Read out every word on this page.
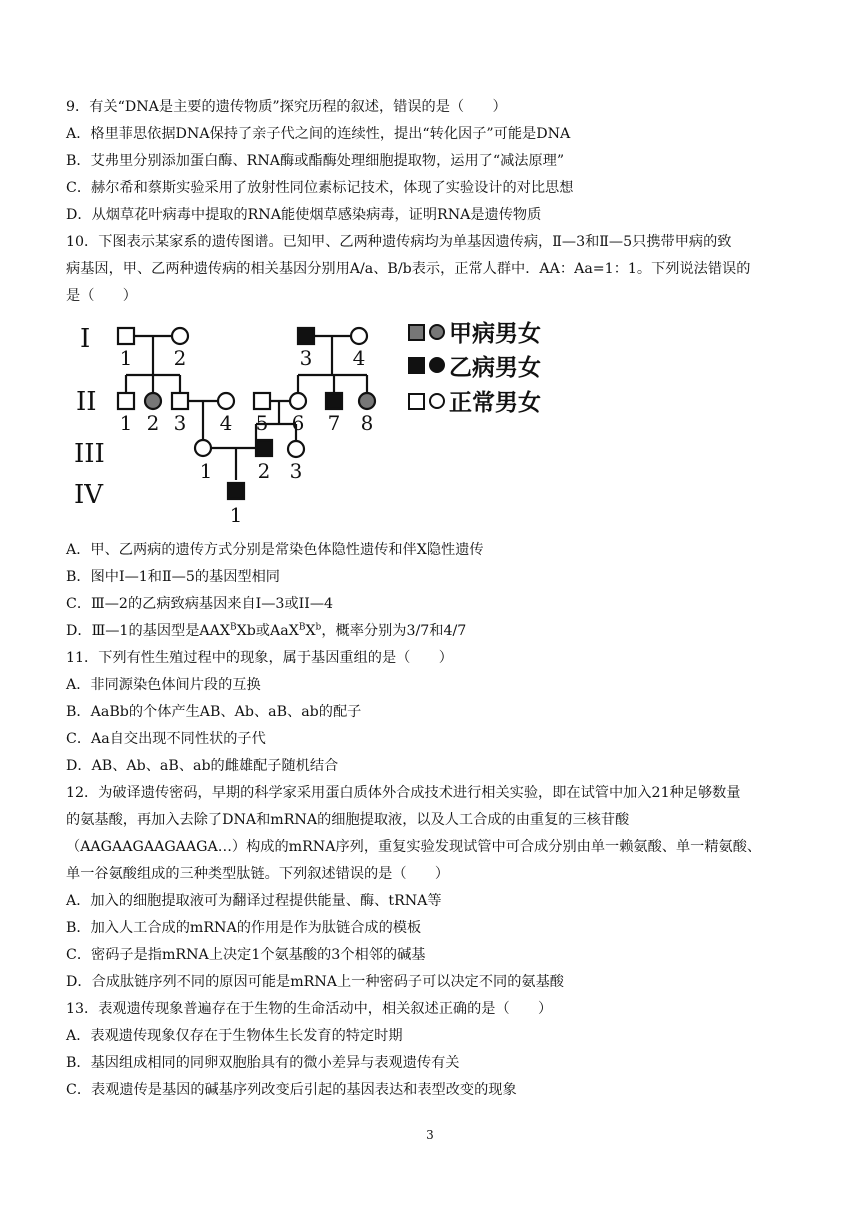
9．有关“DNA是主要的遗传物质”探究历程的叙述，错误的是（　　）
A．格里菲思依据DNA保持了亲子代之间的连续性，提出“转化因子”可能是DNA
B．艾弗里分别添加蛋白酶、RNA酶或酯酶处理细胞提取物，运用了“减法原理”
C．赫尔希和蔡斯实验采用了放射性同位素标记技术，体现了实验设计的对比思想
D．从烟草花叶病毒中提取的RNA能使烟草感染病毒，证明RNA是遗传物质
10．下图表示某家系的遗传图谱。已知甲、乙两种遗传病均为单基因遗传病，Ⅱ—3和Ⅱ—5只携带甲病的致
病基因，甲、乙两种遗传病的相关基因分别用A/a、B/b表示，正常人群中．AA：Aa=1：1。下列说法错误的
是（　　）
I
II
III
IV
1 2	3 4
1 2 3 4 5 6 7 8
1 2 3
1
甲病男女
乙病男女
正常男女
A．甲、乙两病的遗传方式分别是常染色体隐性遗传和伴X隐性遗传
B．图中Ⅰ—1和Ⅱ—5的基因型相同
C．Ⅲ—2的乙病致病基因来自Ⅰ—3或ⅠⅠ—4
D．Ⅲ—1的基因型是$AAX^BXb$或$AaX^BX^b$，概率分别为3/7和4/7
11．下列有性生殖过程中的现象，属于基因重组的是（　　）
A．非同源染色体间片段的互换
B．AaBb的个体产生AB、Ab、aB、ab的配子
C．Aa自交出现不同性状的子代
D．AB、Ab、aB、ab的雌雄配子随机结合
12．为破译遗传密码，早期的科学家采用蛋白质体外合成技术进行相关实验，即在试管中加入21种足够数量
的氨基酸，再加入去除了DNA和mRNA的细胞提取液，以及人工合成的由重复的三核苷酸
（AAGAAGAAGAAGA…）构成的mRNA序列，重复实验发现试管中可合成分别由单一赖氨酸、单一精氨酸、
单一谷氨酸组成的三种类型肽链。下列叙述错误的是（　　）
A．加入的细胞提取液可为翻译过程提供能量、酶、tRNA等
B．加入人工合成的mRNA的作用是作为肽链合成的模板
C．密码子是指mRNA上决定1个氨基酸的3个相邻的碱基
D．合成肽链序列不同的原因可能是mRNA上一种密码子可以决定不同的氨基酸
13．表观遗传现象普遍存在于生物的生命活动中，相关叙述正确的是（　　）
A．表观遗传现象仅存在于生物体生长发育的特定时期
B．基因组成相同的同卵双胞胎具有的微小差异与表观遗传有关
C．表观遗传是基因的碱基序列改变后引起的基因表达和表型改变的现象
3
